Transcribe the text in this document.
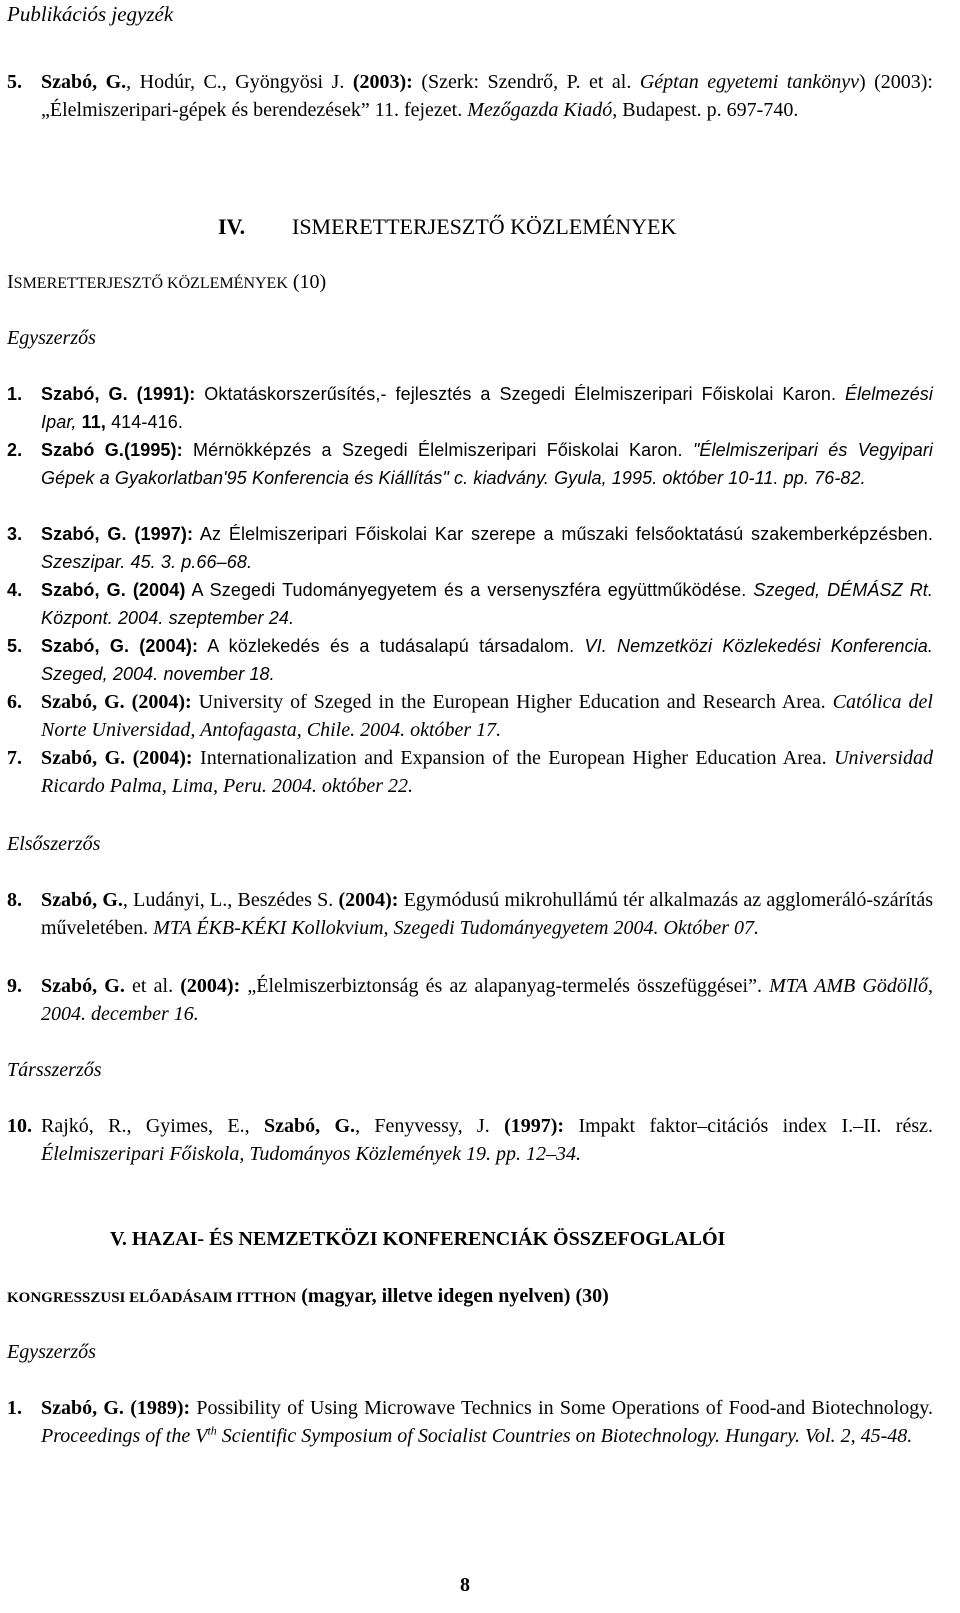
Publikációs jegyzék
5. Szabó, G., Hodúr, C., Gyöngyösi J. (2003): (Szerk: Szendrő, P. et al. Géptan egyetemi tankönyv) (2003): „Élelmiszeripari-gépek és berendezések” 11. fejezet. Mezőgazda Kiadó, Budapest. p. 697-740.
IV. ISMERETTERJESZTŐ KÖZLEMÉNYEK
ISMERETTERJESZTŐ KÖZLEMÉNYEK (10)
Egyszerzős
1. Szabó, G. (1991): Oktatáskorszerűsítés,- fejlesztés a Szegedi Élelmiszeripari Főiskolai Karon. Élelmezési Ipar, 11, 414-416.
2. Szabó G.(1995): Mérnökképzés a Szegedi Élelmiszeripari Főiskolai Karon. "Élelmiszeripari és Vegyipari Gépek a Gyakorlatban'95 Konferencia és Kiállítás" c. kiadvány. Gyula, 1995. október 10-11. pp. 76-82.
3. Szabó, G. (1997): Az Élelmiszeripari Főiskolai Kar szerepe a műszaki felsőoktatású szakemberképzésben. Szeszipar. 45. 3. p.66–68.
4. Szabó, G. (2004) A Szegedi Tudományegyetem és a versenyszféra együttműködése. Szeged, DÉMÁSZ Rt. Központ. 2004. szeptember 24.
5. Szabó, G. (2004): A közlekedés és a tudásalapú társadalom. VI. Nemzetközi Közlekedési Konferencia. Szeged, 2004. november 18.
6. Szabó, G. (2004): University of Szeged in the European Higher Education and Research Area. Católica del Norte Universidad, Antofagasta, Chile. 2004. október 17.
7. Szabó, G. (2004): Internationalization and Expansion of the European Higher Education Area. Universidad Ricardo Palma, Lima, Peru. 2004. október 22.
Elsőszerzős
8. Szabó, G., Ludányi, L., Beszédes S. (2004): Egymódusú mikrohullámú tér alkalmazás az agglomeráló-szárítás műveletében. MTA ÉKB-KÉKI Kollokvium, Szegedi Tudományegyetem 2004. Október 07.
9. Szabó, G. et al. (2004): „Élelmiszerbiztonság és az alapanyag-termelés összefüggései”. MTA AMB Gödöllő, 2004. december 16.
Társszerzős
10. Rajkó, R., Gyimes, E., Szabó, G., Fenyvessy, J. (1997): Impakt faktor–citációs index I.–II. rész. Élelmiszeripari Főiskola, Tudományos Közlemények 19. pp. 12–34.
V. HAZAI- ÉS NEMZETKÖZI KONFERENCIÁK ÖSSZEFOGLALÓI
KONGRESSZUSI ELŐADÁSAIM ITTHON (magyar, illetve idegen nyelven) (30)
Egyszerzős
1. Szabó, G. (1989): Possibility of Using Microwave Technics in Some Operations of Food-and Biotechnology. Proceedings of the Vth Scientific Symposium of Socialist Countries on Biotechnology. Hungary. Vol. 2, 45-48.
8
